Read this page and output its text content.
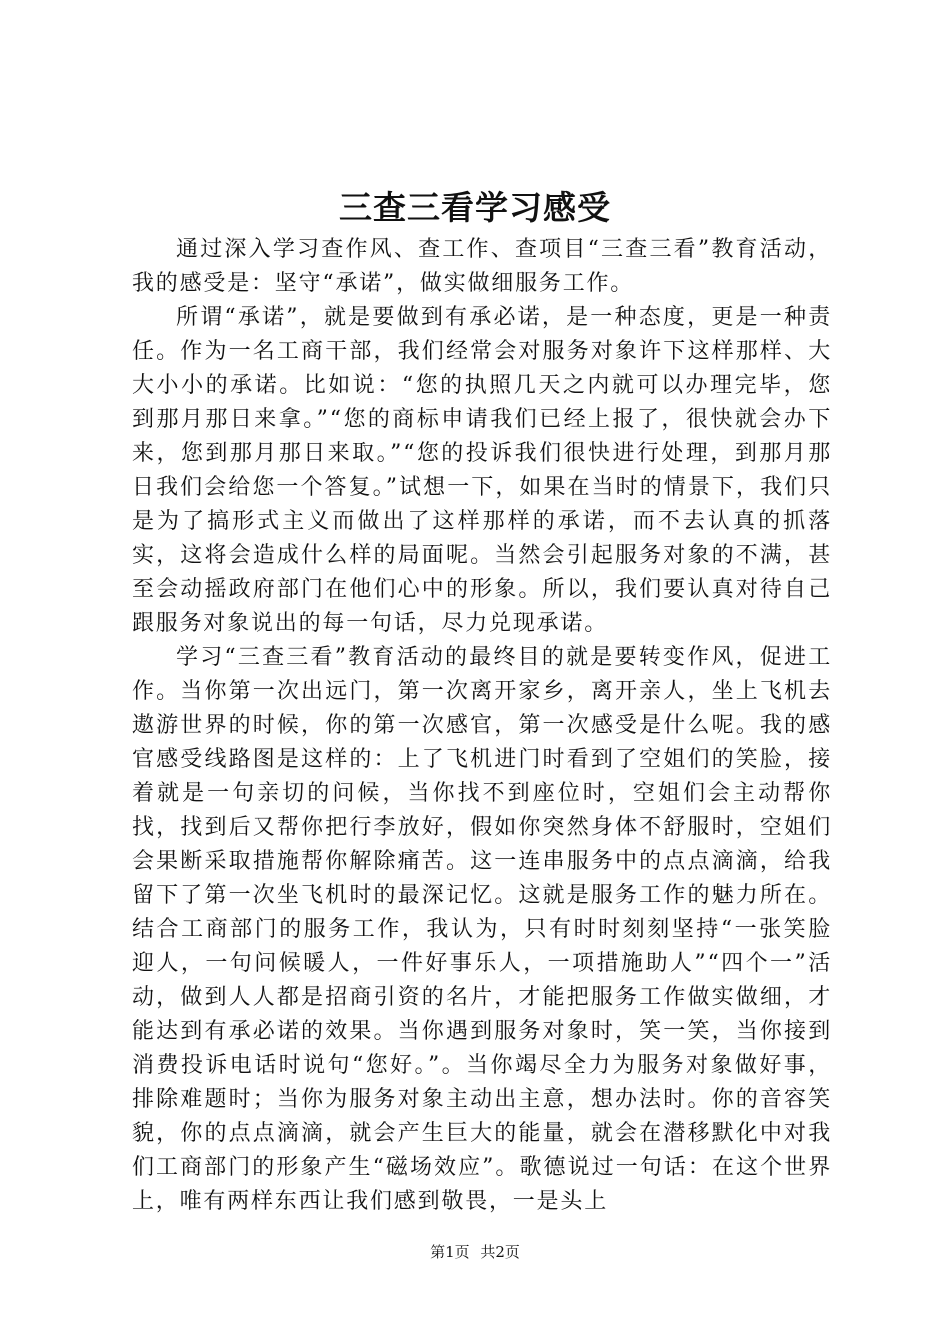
三查三看学习感受

通过深入学习查作风、查工作、查项目“三查三看”教育活动，我的感受是：坚守“承诺”，做实做细服务工作。

所谓“承诺”，就是要做到有承必诺，是一种态度，更是一种责任。作为一名工商干部，我们经常会对服务对象许下这样那样、大大小小的承诺。比如说：“您的执照几天之内就可以办理完毕，您到那月那日来拿。”“您的商标申请我们已经上报了，很快就会办下来，您到那月那日来取。”“您的投诉我们很快进行处理，到那月那日我们会给您一个答复。”试想一下，如果在当时的情景下，我们只是为了搞形式主义而做出了这样那样的承诺，而不去认真的抓落实，这将会造成什么样的局面呢。当然会引起服务对象的不满，甚至会动摇政府部门在他们心中的形象。所以，我们要认真对待自己跟服务对象说出的每一句话，尽力兑现承诺。

学习“三查三看”教育活动的最终目的就是要转变作风，促进工作。当你第一次出远门，第一次离开家乡，离开亲人，坐上飞机去遨游世界的时候，你的第一次感官，第一次感受是什么呢。我的感官感受线路图是这样的：上了飞机进门时看到了空姐们的笑脸，接着就是一句亲切的问候，当你找不到座位时，空姐们会主动帮你找，找到后又帮你把行李放好，假如你突然身体不舒服时，空姐们会果断采取措施帮你解除痛苦。这一连串服务中的点点滴滴，给我留下了第一次坐飞机时的最深记忆。这就是服务工作的魅力所在。结合工商部门的服务工作，我认为，只有时时刻刻坚持“一张笑脸迎人，一句问候暖人，一件好事乐人，一项措施助人”“四个一”活动，做到人人都是招商引资的名片，才能把服务工作做实做细，才能达到有承必诺的效果。当你遇到服务对象时，笑一笑，当你接到消费投诉电话时说句“您好。”。当你竭尽全力为服务对象做好事，排除难题时；当你为服务对象主动出主意，想办法时。你的音容笑貌，你的点点滴滴，就会产生巨大的能量，就会在潜移默化中对我们工商部门的形象产生“磁场效应”。歌德说过一句话：在这个世界上，唯有两样东西让我们感到敬畏，一是头上

第1页 共2页
